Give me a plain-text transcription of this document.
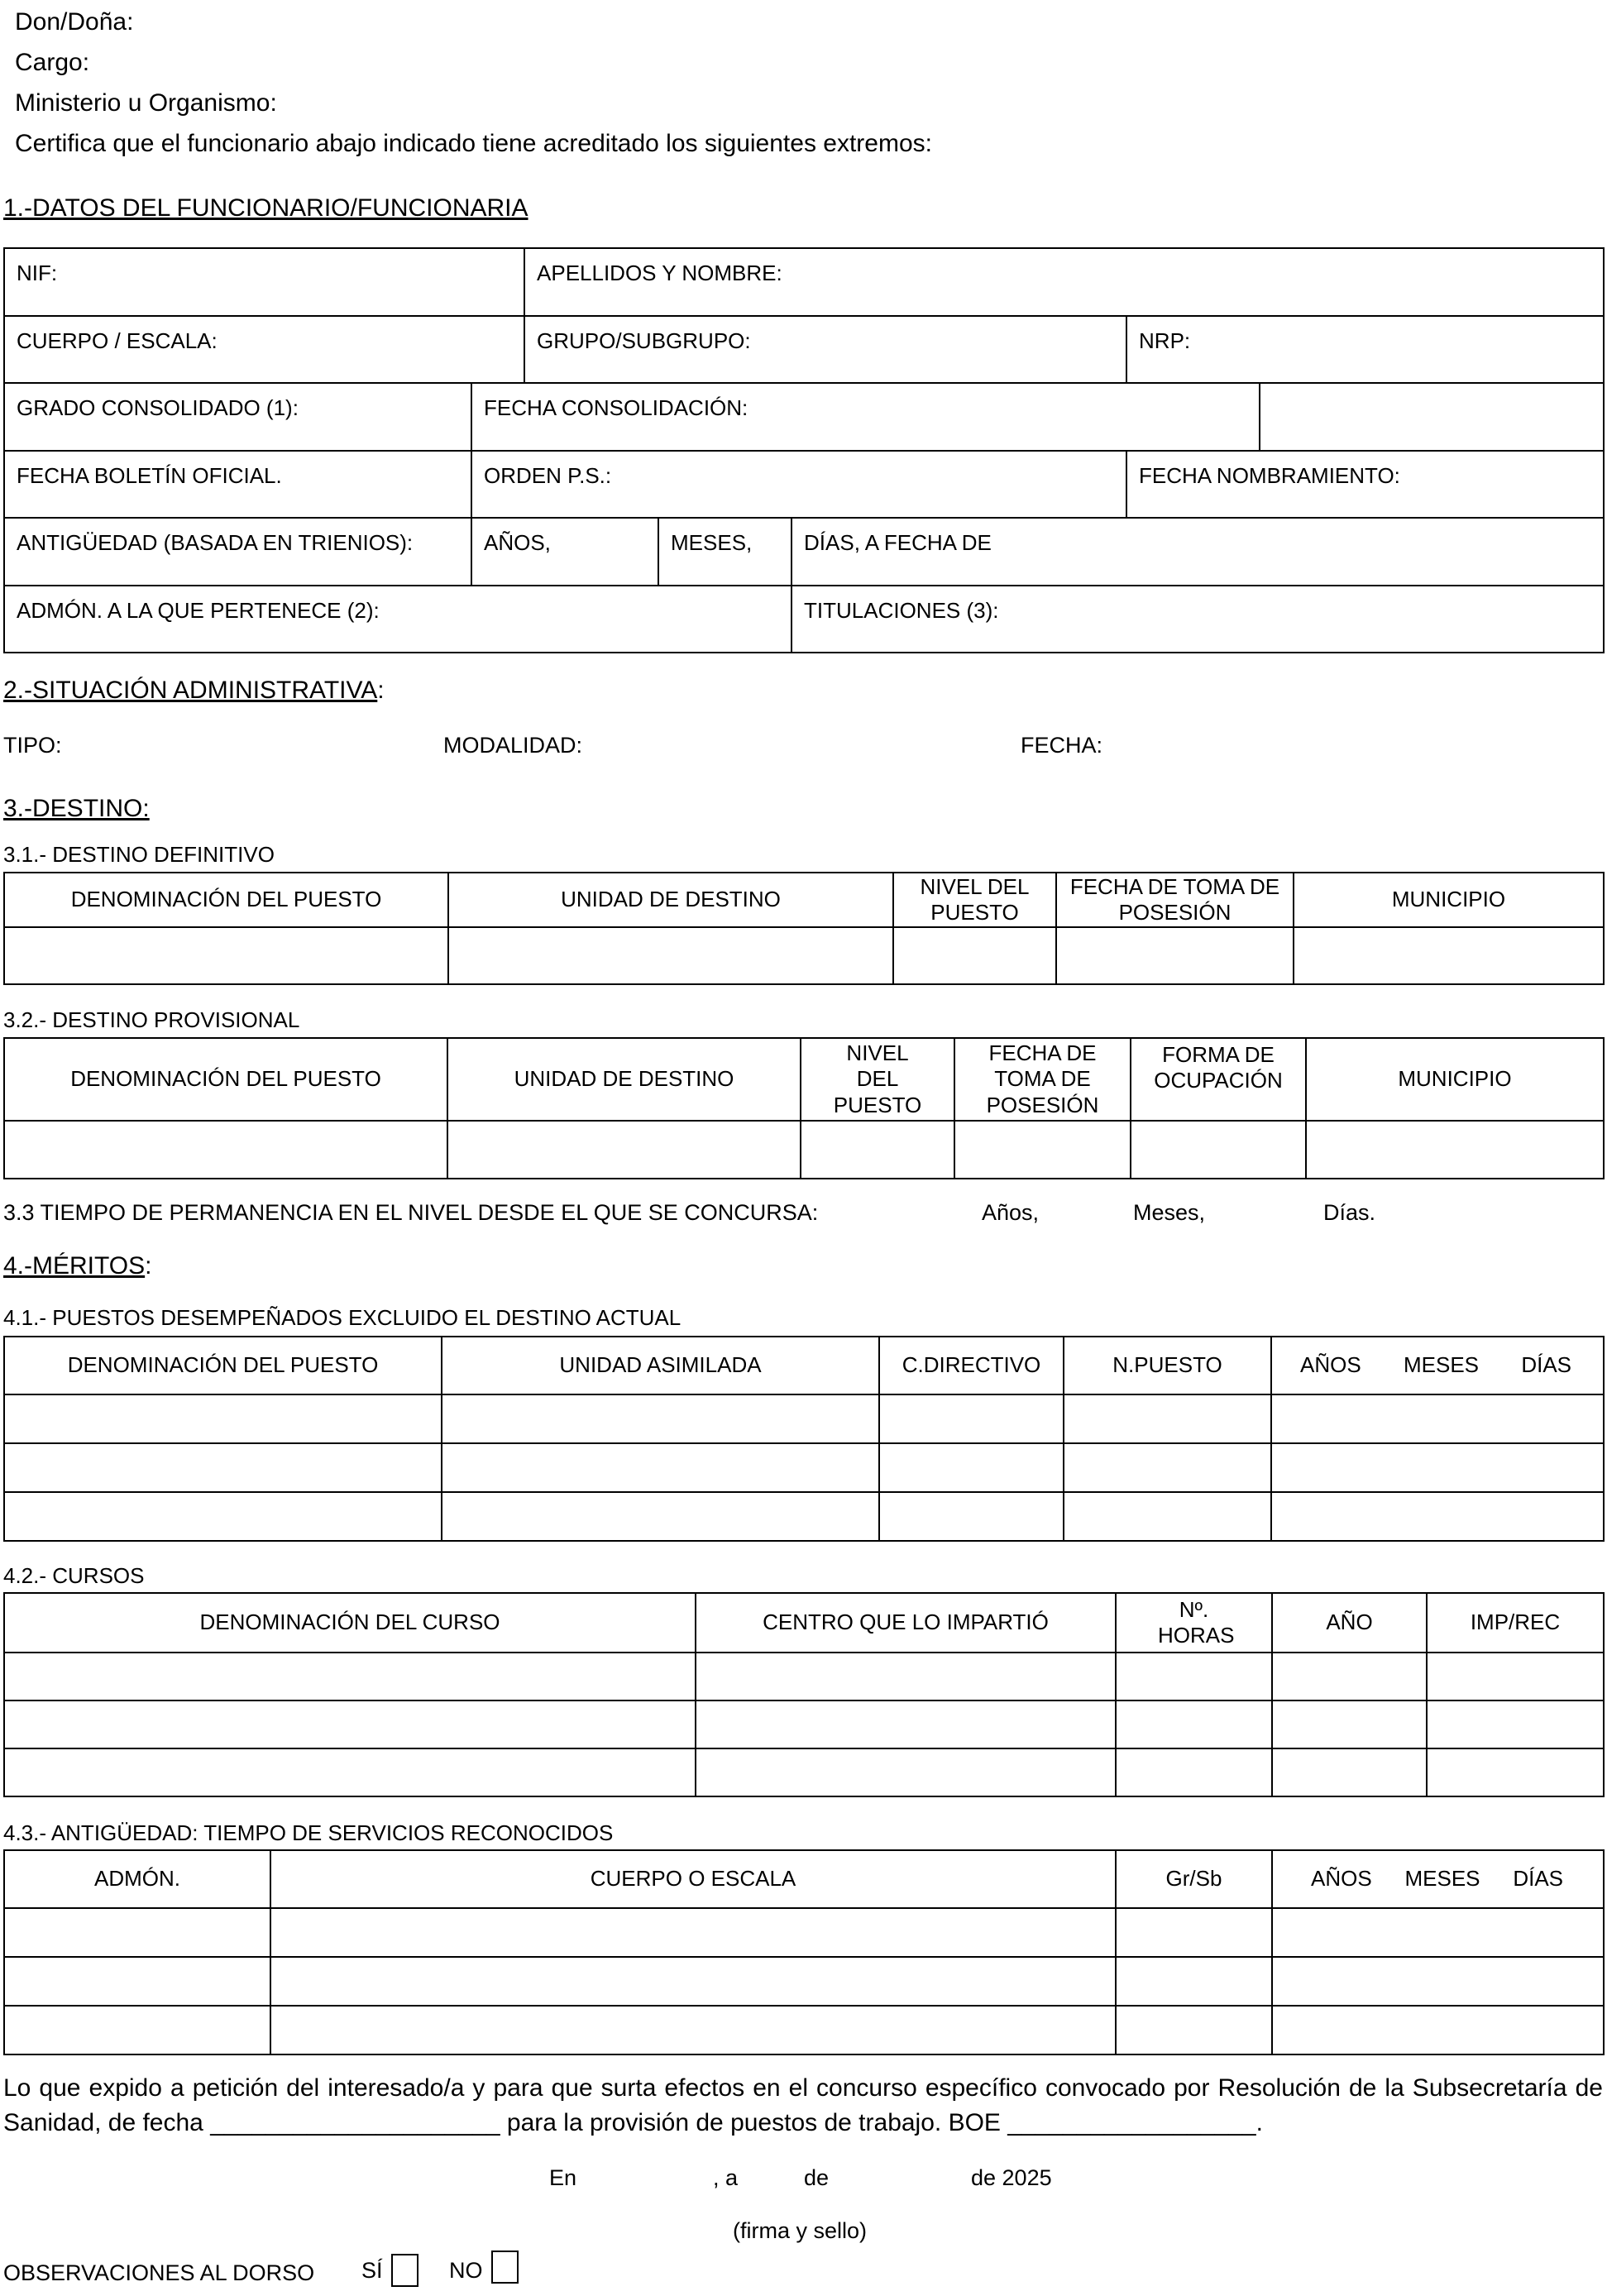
Don/Doña:
Cargo:
Ministerio u Organismo:
Certifica que el funcionario abajo indicado tiene acreditado los siguientes extremos:
1.-DATOS DEL FUNCIONARIO/FUNCIONARIA
NIF:		APELLIDOS Y NOMBRE:				
CUERPO / ESCALA:		GRUPO/SUBGRUPO:			NRP:	
GRADO CONSOLIDADO (1):	FECHA CONSOLIDACIÓN:					
FECHA BOLETÍN OFICIAL.	ORDEN P.S.:				FECHA NOMBRAMIENTO:	
ANTIGÜEDAD (BASADA EN TRIENIOS):	AÑOS,		MESES,	DÍAS, A FECHA DE		
ADMÓN. A LA QUE PERTENECE (2):				TITULACIONES (3):		
2.-SITUACIÓN ADMINISTRATIVA:
TIPO:	MODALIDAD:	FECHA:
3.-DESTINO:
3.1.- DESTINO DEFINITIVO
DENOMINACIÓN DEL PUESTO	UNIDAD DE DESTINO	NIVEL DEL PUESTO	FECHA DE TOMA DE POSESIÓN	MUNICIPIO

3.2.- DESTINO PROVISIONAL
DENOMINACIÓN DEL PUESTO	UNIDAD DE DESTINO	NIVEL DEL PUESTO	FECHA DE TOMA DE POSESIÓN	FORMA DE OCUPACIÓN	MUNICIPIO

3.3 TIEMPO DE PERMANENCIA EN EL NIVEL DESDE EL QUE SE CONCURSA:	Años,	Meses,	Días.
4.-MÉRITOS:
4.1.- PUESTOS DESEMPEÑADOS EXCLUIDO EL DESTINO ACTUAL
DENOMINACIÓN DEL PUESTO	UNIDAD ASIMILADA	C.DIRECTIVO	N.PUESTO	AÑOS MESES DÍAS

4.2.- CURSOS
DENOMINACIÓN DEL CURSO	CENTRO QUE LO IMPARTIÓ	Nº. HORAS	AÑO	IMP/REC

4.3.- ANTIGÜEDAD: TIEMPO DE SERVICIOS RECONOCIDOS
ADMÓN.	CUERPO O ESCALA	Gr/Sb	AÑOS MESES DÍAS

Lo que expido a petición del interesado/a y para que surta efectos en el concurso específico convocado por Resolución de la Subsecretaría de Sanidad, de fecha _____________________ para la provisión de puestos de trabajo. BOE __________________.
En	, a	de	de 2025
(firma y sello)
OBSERVACIONES AL DORSO SÍ	NO
